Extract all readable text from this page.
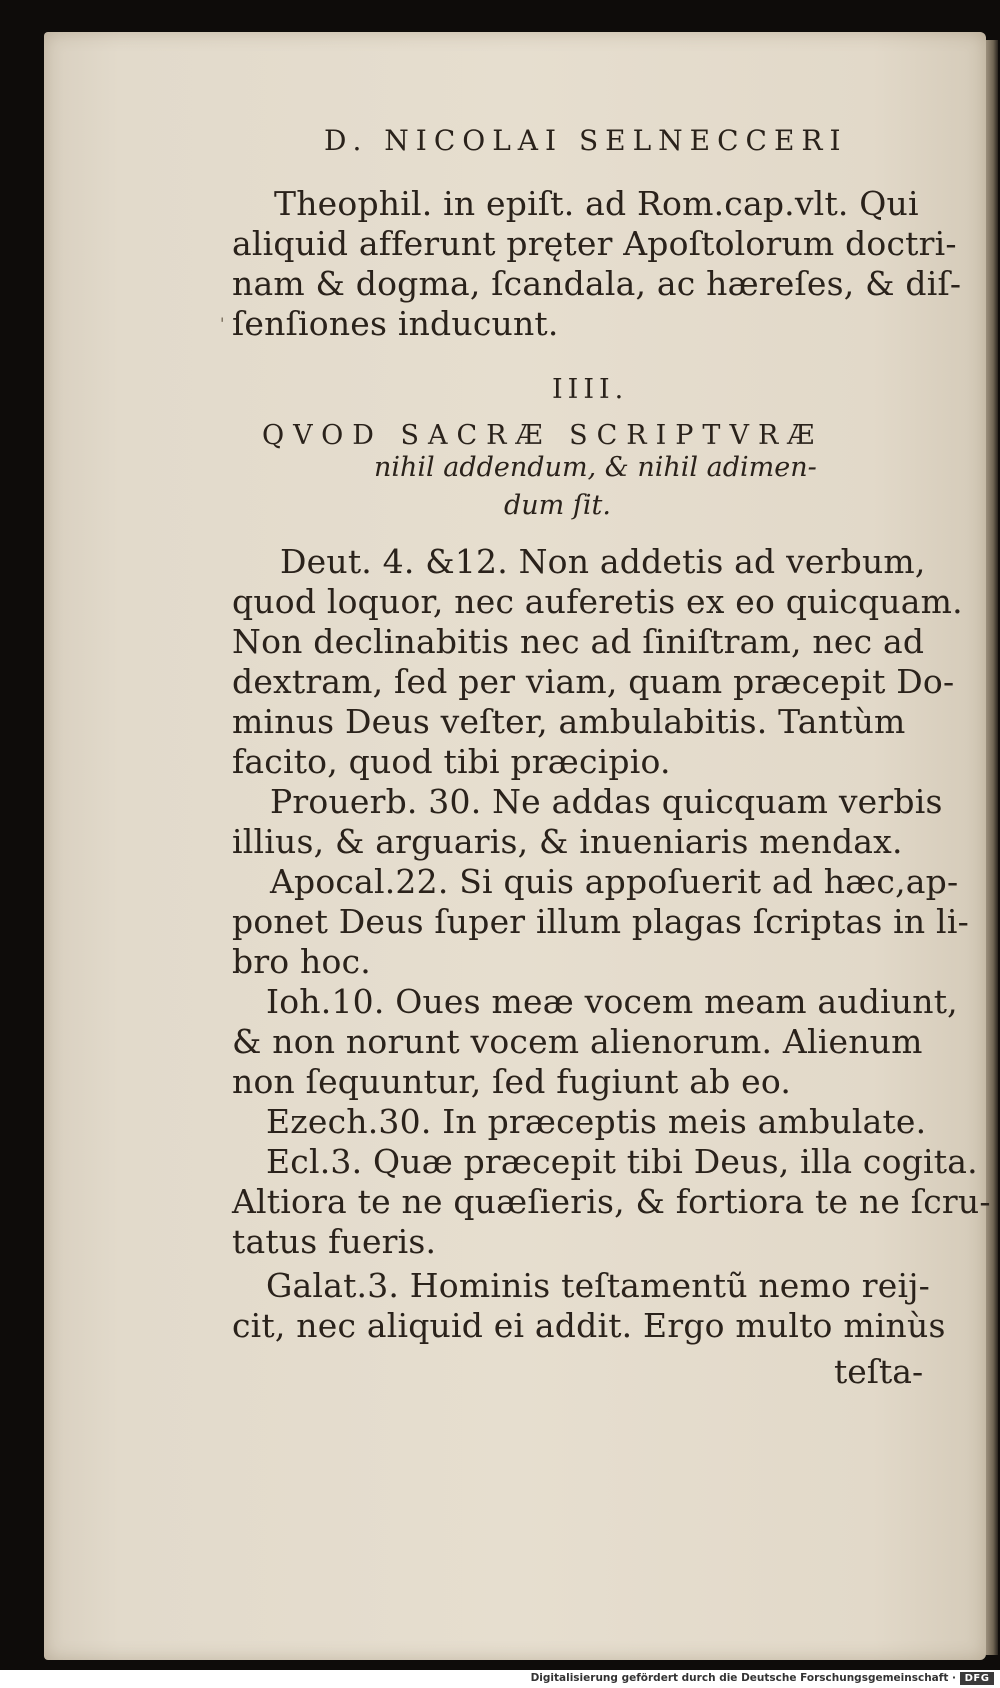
D. NICOLAI SELNECCERI
Theophil. in epiſt. ad Rom.cap.vlt. Qui
aliquid afferunt pręter Apoſtolorum doctri-
nam & dogma, ſcandala, ac hæreſes, & diſ-
ſenſiones inducunt.
'
IIII.
QVOD SACRÆ SCRIPTVRÆ
nihil addendum, & nihil adimen-
dum ſit.
Deut. 4. &12. Non addetis ad verbum,
quod loquor, nec auferetis ex eo quicquam.
Non declinabitis nec ad ſiniſtram, nec ad
dextram, ſed per viam, quam præcepit Do-
minus Deus veſter, ambulabitis. Tantùm
facito, quod tibi præcipio.
Prouerb. 30. Ne addas quicquam verbis
illius, & arguaris, & inueniaris mendax.
Apocal.22. Si quis appoſuerit ad hæc,ap-
ponet Deus ſuper illum plagas ſcriptas in li-
bro hoc.
Ioh.10. Oues meæ vocem meam audiunt,
& non norunt vocem alienorum. Alienum
non ſequuntur, ſed fugiunt ab eo.
Ezech.30. In præceptis meis ambulate.
Ecl.3. Quæ præcepit tibi Deus, illa cogita.
Altiora te ne quæſieris, & fortiora te ne ſcru-
tatus fueris.
Galat.3. Hominis teſtamentũ nemo reij-
cit, nec aliquid ei addit. Ergo multo minùs
teſta-
Digitalisierung gefördert durch die Deutsche Forschungsgemeinschaft · DFG
